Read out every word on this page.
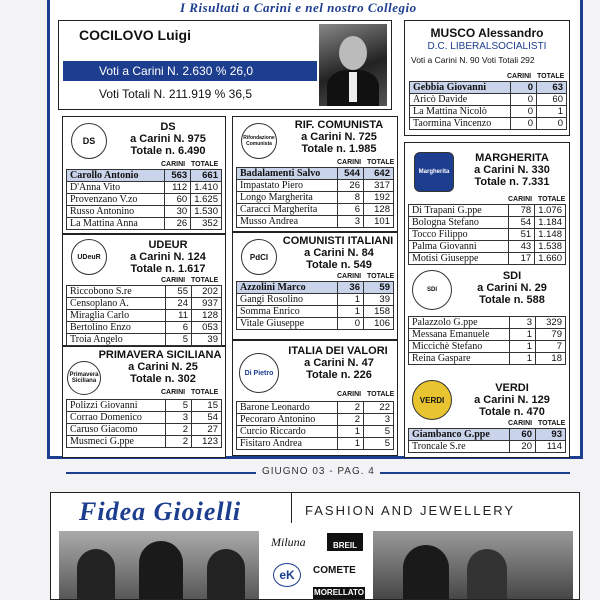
I Risultati a Carini e nel nostro Collegio
COCILOVO Luigi
Voti a Carini N. 2.630 % 26,0
Voti Totali N. 211.919 % 36,5
MUSCO Alessandro
D.C. LIBERALSOCIALISTI
Voti a Carini N. 90 Voti Totali 292
CARINI TOTALE
Gebbia Giovanni	0	63
Aricò Davide	0	60
La Mattina Nicolò	0	1
Taormina Vincenzo	0	0
DS
DS
a Carini N. 975
Totale n. 6.490
CARINI TOTALE
Carollo Antonio	563	661
D'Anna Vito	112	1.410
Provenzano V.zo	60	1.625
Russo Antonino	30	1.530
La Mattina Anna	26	352
UDeuR
UDEUR
a Carini N. 124
Totale n. 1.617
CARINI TOTALE
Riccobono S.re	55	202
Censoplano A.	24	937
Miraglia Carlo	11	128
Bertolino Enzo	6	053
Troia Angelo	5	39
Primavera Siciliana
PRIMAVERA SICILIANA
a Carini N. 25
Totale n. 302
CARINI TOTALE
Polizzi Giovanni	5	15
Corrao Domenico	3	54
Caruso Giacomo	2	27
Musmeci G.ppe	2	123
Rifondazione Comunista
RIF. COMUNISTA
a Carini N. 725
Totale n. 1.985
CARINI TOTALE
Badalamenti Salvo	544	642
Impastato Piero	26	317
Longo Margherita	8	192
Caracci Margherita	6	128
Musso Andrea	3	101
PdCI
COMUNISTI ITALIANI
a Carini N. 84
Totale n. 549
CARINI TOTALE
Azzolini Marco	36	59
Gangi Rosolino	1	39
Somma Enrico	1	158
Vitale Giuseppe	0	106
Di Pietro
ITALIA DEI VALORI
a Carini N. 47
Totale n. 226
CARINI TOTALE
Barone Leonardo	2	22
Pecoraro Antonino	2	3
Curcio Riccardo	1	5
Fisitaro Andrea	1	5
Margherita
MARGHERITA
a Carini N. 330
Totale n. 7.331
CARINI TOTALE
Di Trapani G.ppe	78	1.076
Bologna Stefano	54	1.184
Tocco Filippo	51	1.148
Palma Giovanni	43	1.538
Motisi Giuseppe	17	1.660
SDI
SDI
a Carini N. 29
Totale n. 588
Palazzolo G.ppe	3	329
Messana Emanuele	1	79
Miccichè Stefano	1	7
Reina Gaspare	1	18
VERDI
VERDI
a Carini N. 129
Totale n. 470
CARINI TOTALE
Giambanco G.ppe	60	93
Troncale S.re	20	114
GIUGNO 03 - PAG. 4
Fidea Gioielli	FASHION AND JEWELLERY
Miluna	BREIL
eK	COMETE
MORELLATO
